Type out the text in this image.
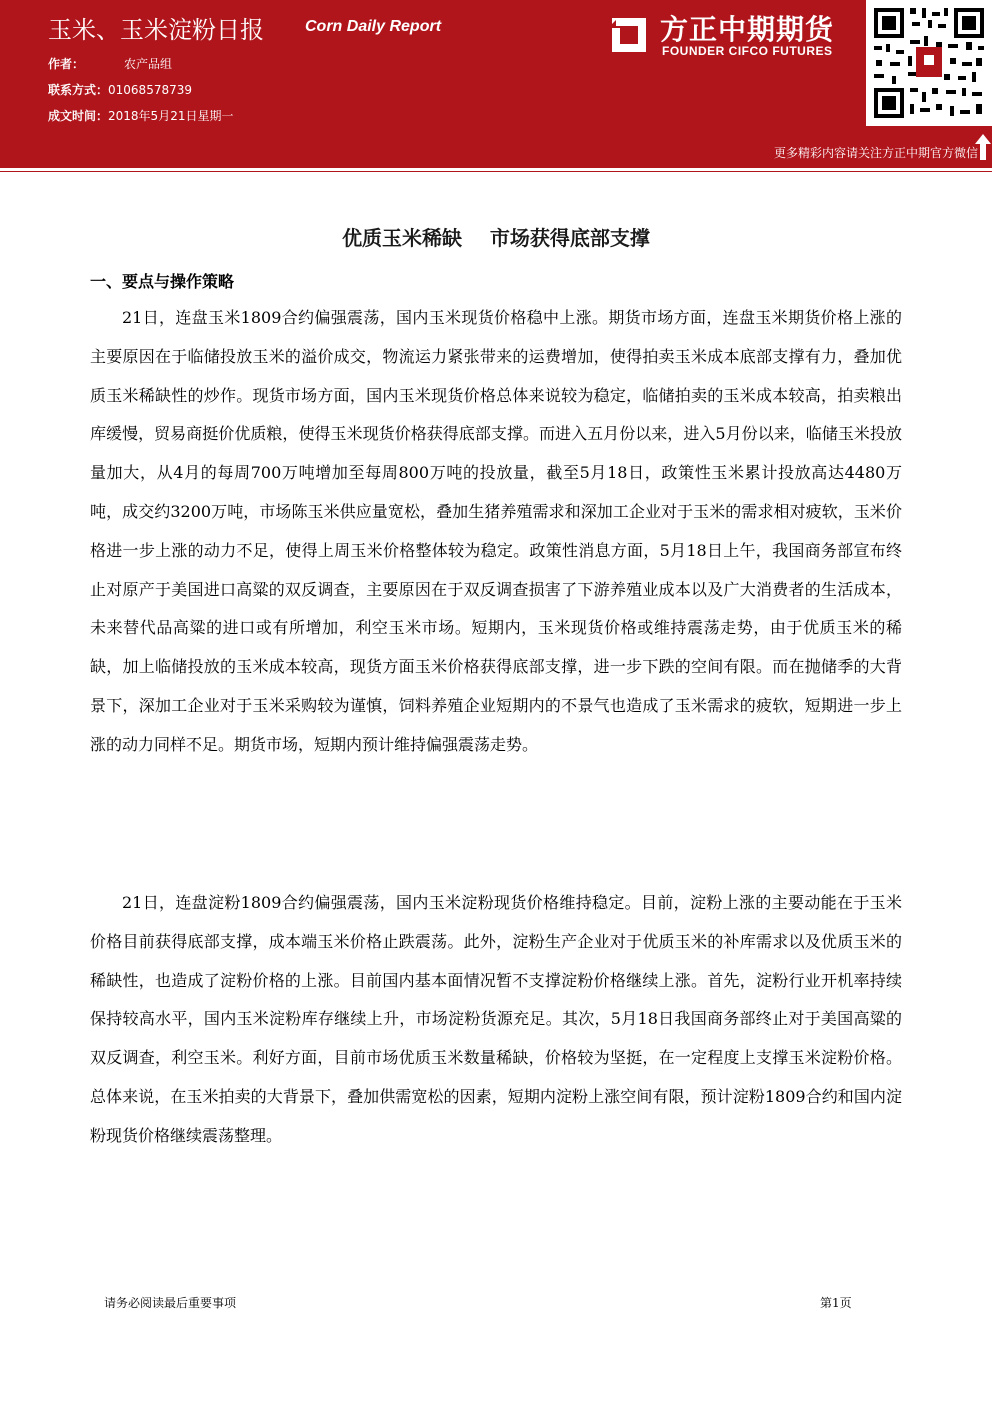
玉米、玉米淀粉日报	Corn Daily Report
作者：	农产品组
联系方式：01068578739
成文时间：2018年5月21日星期一
方正中期期货
FOUNDER CIFCO FUTURES
更多精彩内容请关注方正中期官方微信
优质玉米稀缺    市场获得底部支撑
一、要点与操作策略

21日，连盘玉米1809合约偏强震荡，国内玉米现货价格稳中上涨。期货市场方面，连盘玉米期货价格上涨的主要原因在于临储投放玉米的溢价成交，物流运力紧张带来的运费增加，使得拍卖玉米成本底部支撑有力，叠加优质玉米稀缺性的炒作。现货市场方面，国内玉米现货价格总体来说较为稳定，临储拍卖的玉米成本较高，拍卖粮出库缓慢，贸易商挺价优质粮，使得玉米现货价格获得底部支撑。而进入五月份以来，进入5月份以来，临储玉米投放量加大，从4月的每周700万吨增加至每周800万吨的投放量，截至5月18日，政策性玉米累计投放高达4480万吨，成交约3200万吨，市场陈玉米供应量宽松，叠加生猪养殖需求和深加工企业对于玉米的需求相对疲软，玉米价格进一步上涨的动力不足，使得上周玉米价格整体较为稳定。政策性消息方面，5月18日上午，我国商务部宣布终止对原产于美国进口高粱的双反调查，主要原因在于双反调查损害了下游养殖业成本以及广大消费者的生活成本，未来替代品高粱的进口或有所增加，利空玉米市场。短期内，玉米现货价格或维持震荡走势，由于优质玉米的稀缺，加上临储投放的玉米成本较高，现货方面玉米价格获得底部支撑，进一步下跌的空间有限。而在抛储季的大背景下，深加工企业对于玉米采购较为谨慎，饲料养殖企业短期内的不景气也造成了玉米需求的疲软，短期进一步上涨的动力同样不足。期货市场，短期内预计维持偏强震荡走势。

21日，连盘淀粉1809合约偏强震荡，国内玉米淀粉现货价格维持稳定。目前，淀粉上涨的主要动能在于玉米价格目前获得底部支撑，成本端玉米价格止跌震荡。此外，淀粉生产企业对于优质玉米的补库需求以及优质玉米的稀缺性，也造成了淀粉价格的上涨。目前国内基本面情况暂不支撑淀粉价格继续上涨。首先，淀粉行业开机率持续保持较高水平，国内玉米淀粉库存继续上升，市场淀粉货源充足。其次，5月18日我国商务部终止对于美国高粱的双反调查，利空玉米。利好方面，目前市场优质玉米数量稀缺，价格较为坚挺，在一定程度上支撑玉米淀粉价格。总体来说，在玉米拍卖的大背景下，叠加供需宽松的因素，短期内淀粉上涨空间有限，预计淀粉1809合约和国内淀粉现货价格继续震荡整理。

请务必阅读最后重要事项	第1页
